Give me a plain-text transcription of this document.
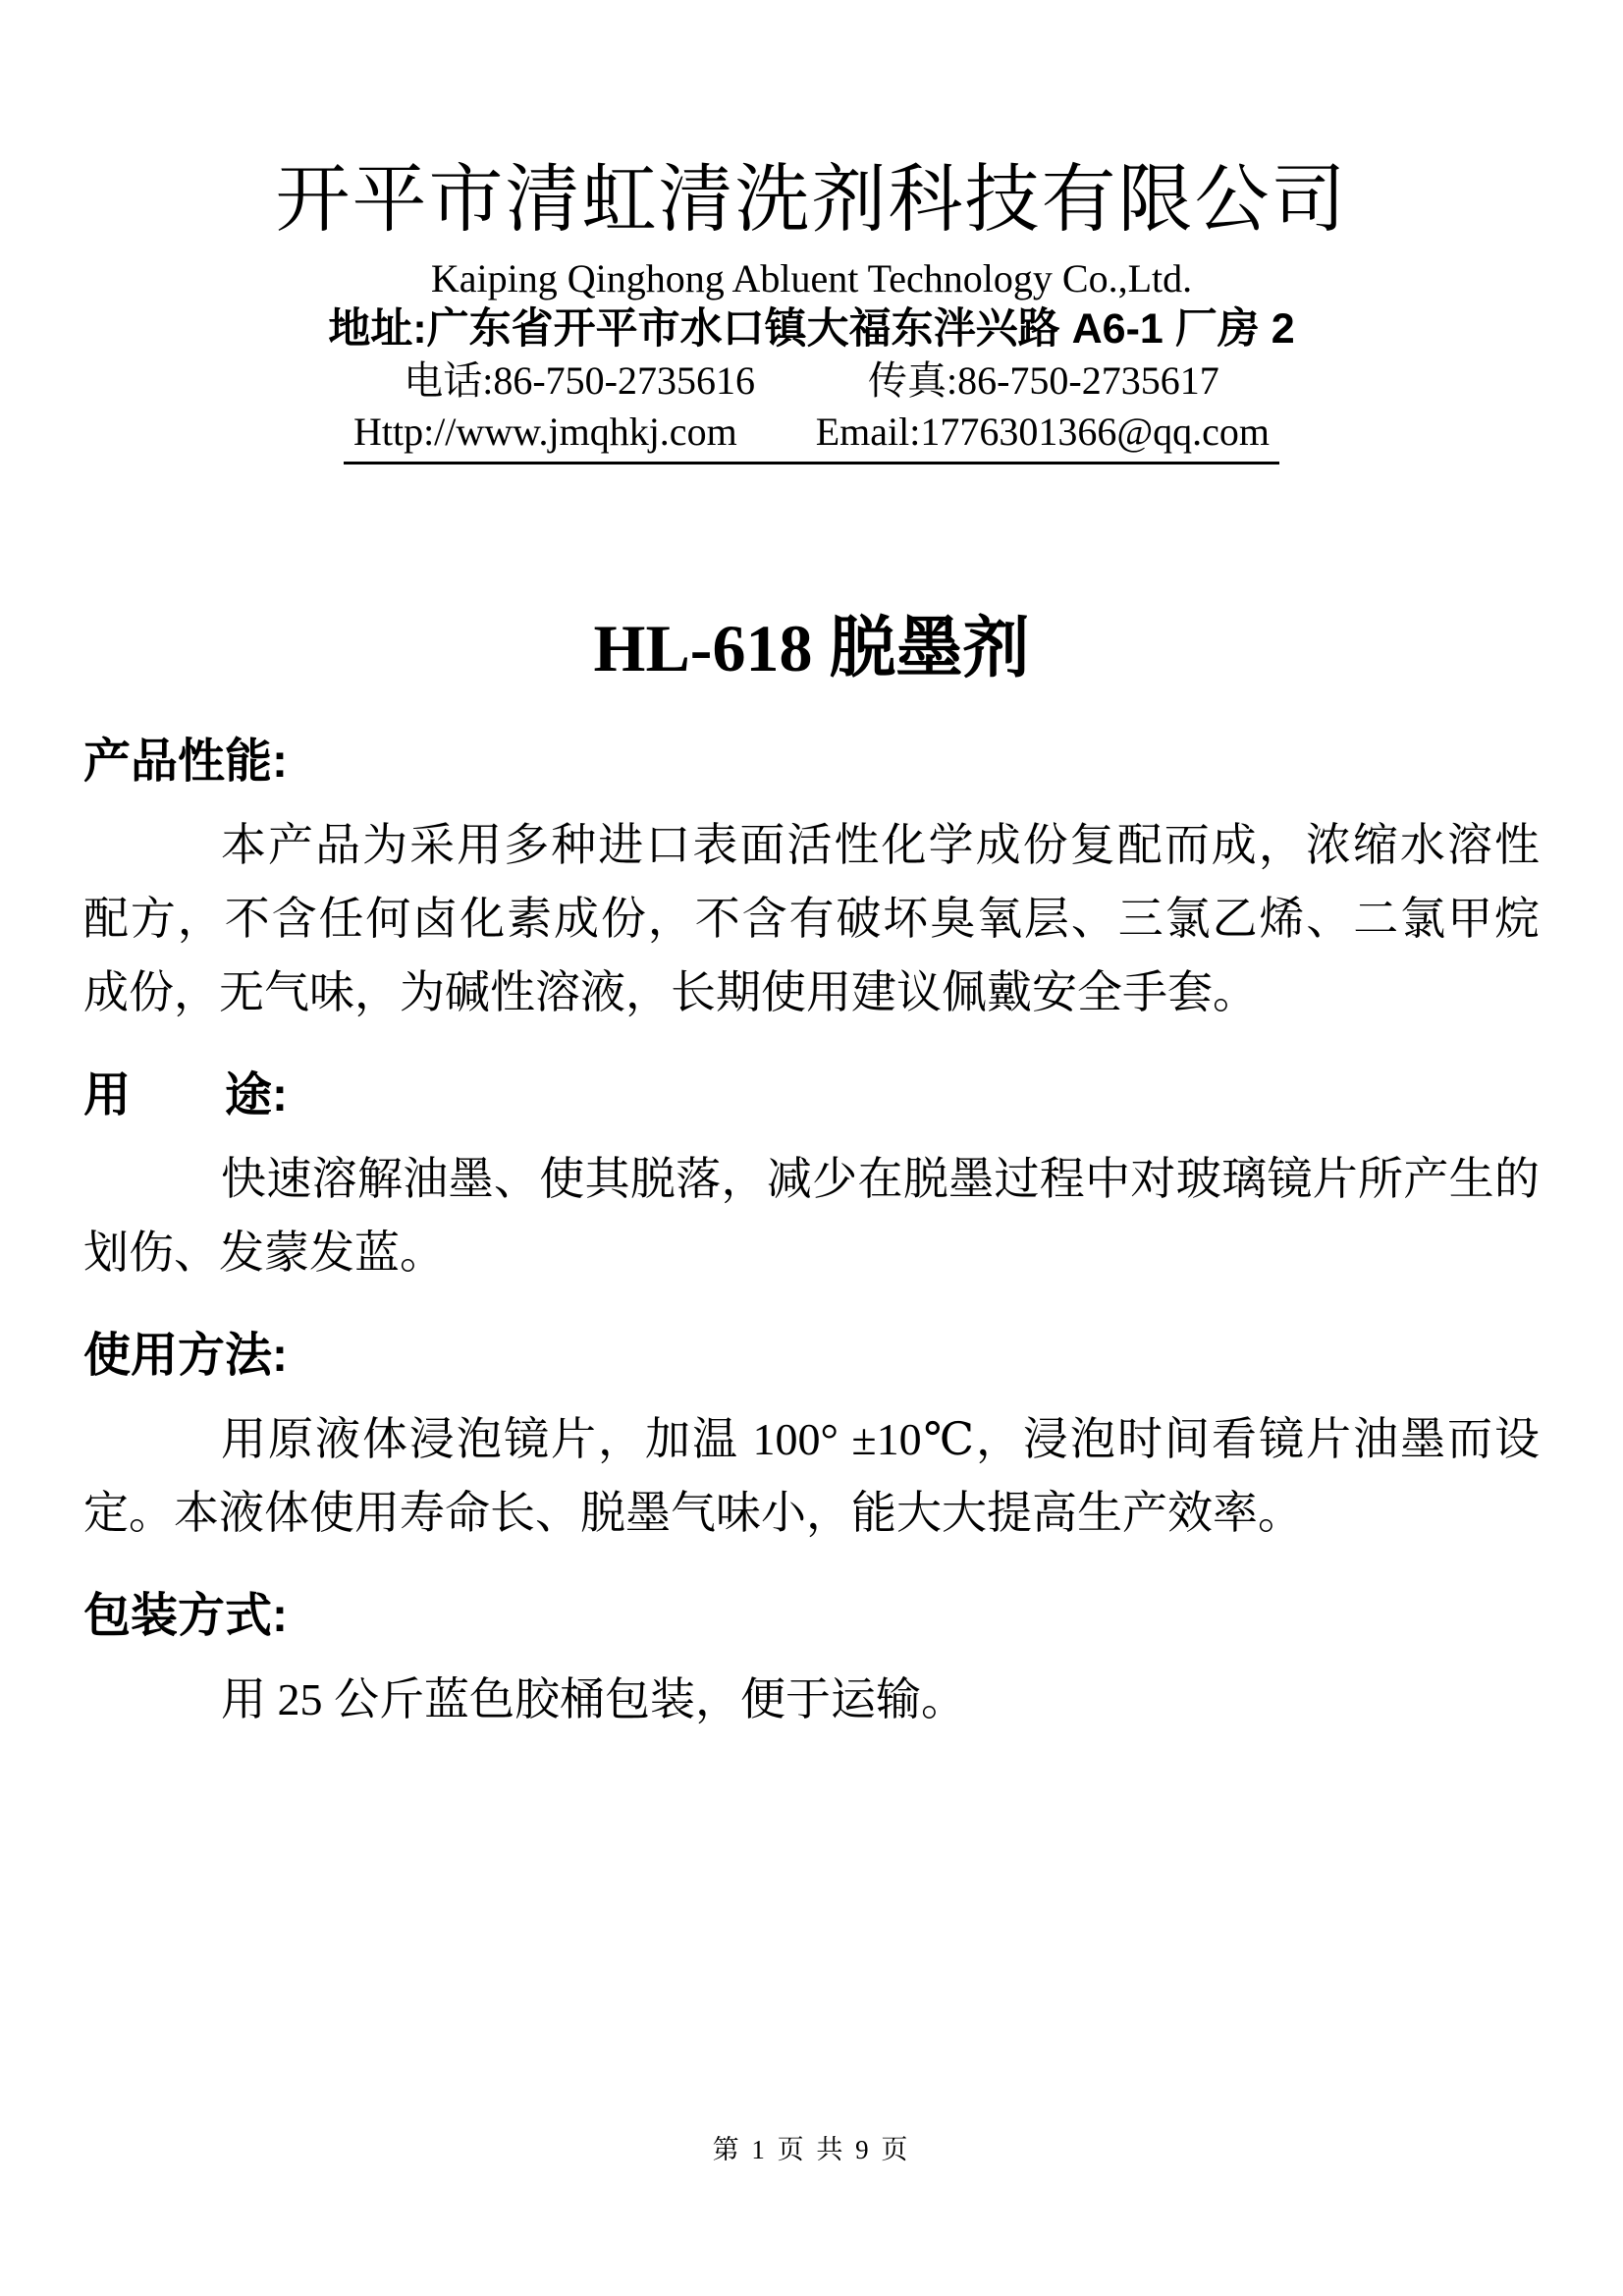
开平市清虹清洗剂科技有限公司
Kaiping Qinghong Abluent Technology Co.,Ltd.
地址:广东省开平市水口镇大福东泮兴路 A6-1 厂房 2
电话:86-750-2735616	传真:86-750-2735617
Http://www.jmqhkj.com Email:1776301366@qq.com
HL-618 脱墨剂
产品性能:
本产品为采用多种进口表面活性化学成份复配而成，浓缩水溶性
配方，不含任何卤化素成份，不含有破坏臭氧层、三氯乙烯、二氯甲烷
成份，无气味，为碱性溶液，长期使用建议佩戴安全手套。
用　　途:
快速溶解油墨、使其脱落，减少在脱墨过程中对玻璃镜片所产生的
划伤、发蒙发蓝。
使用方法:
用原液体浸泡镜片，加温 100° ±10℃，浸泡时间看镜片油墨而设
定。本液体使用寿命长、脱墨气味小，能大大提高生产效率。
包装方式:
用 25 公斤蓝色胶桶包装，便于运输。
第 1 页 共 9 页
